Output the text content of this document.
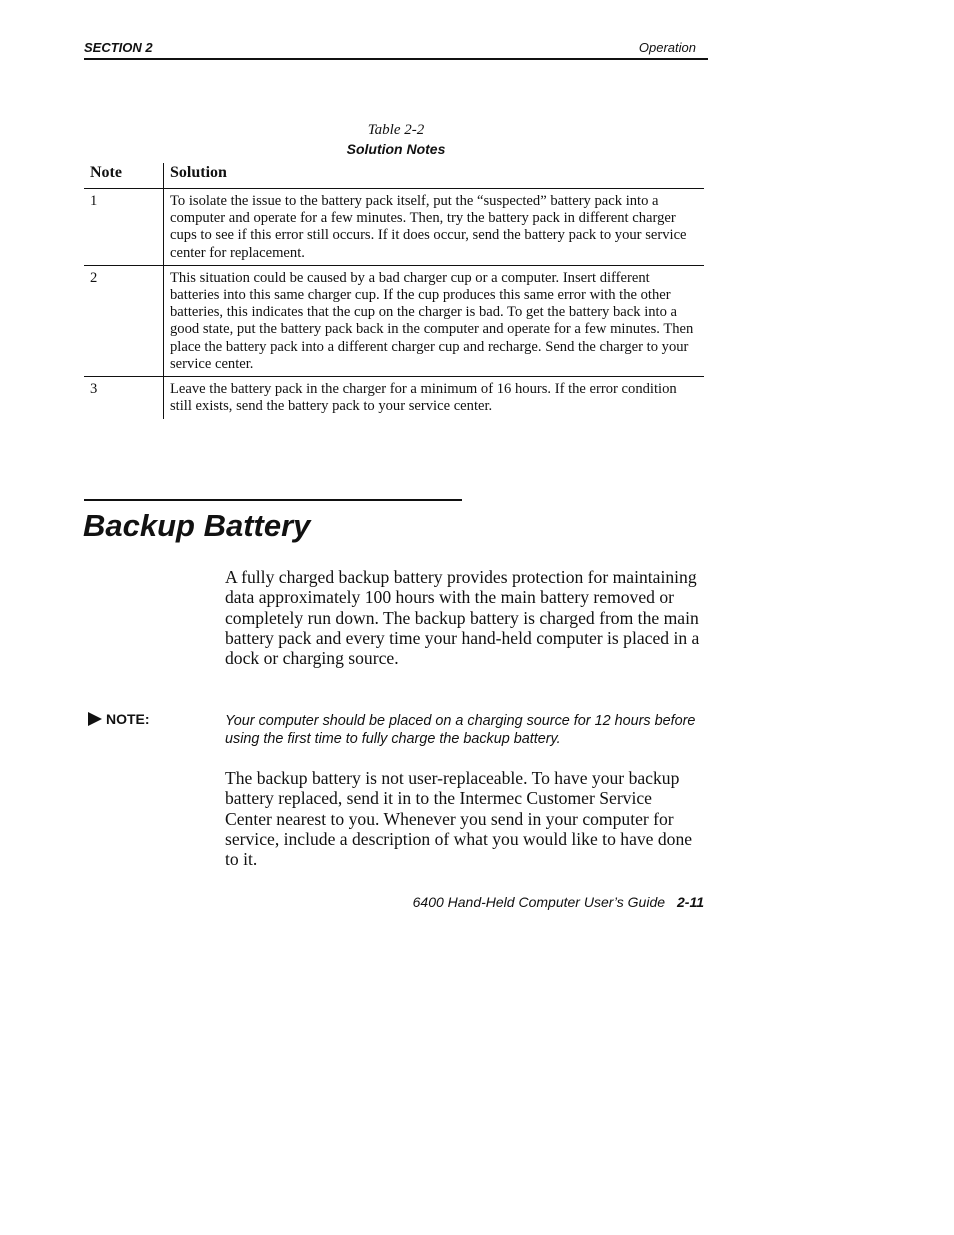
SECTION 2	Operation
Table 2-2
Solution Notes
Note	Solution
1	To isolate the issue to the battery pack itself, put the “suspected” battery pack into a computer and operate for a few minutes. Then, try the battery pack in different charger cups to see if this error still occurs. If it does occur, send the battery pack to your service center for replacement.
2	This situation could be caused by a bad charger cup or a computer. Insert different batteries into this same charger cup. If the cup produces this same error with the other batteries, this indicates that the cup on the charger is bad. To get the battery back into a good state, put the battery pack back in the computer and operate for a few minutes. Then place the battery pack into a different charger cup and recharge. Send the charger to your service center.
3	Leave the battery pack in the charger for a minimum of 16 hours. If the error condition still exists, send the battery pack to your service center.
Backup Battery

A fully charged backup battery provides protection for maintaining data approximately 100 hours with the main battery removed or completely run down. The backup battery is charged from the main battery pack and every time your hand-held computer is placed in a dock or charging source.

NOTE:	Your computer should be placed on a charging source for 12 hours before using the first time to fully charge the backup battery.

The backup battery is not user-replaceable. To have your backup battery replaced, send it in to the Intermec Customer Service Center nearest to you. Whenever you send in your computer for service, include a description of what you would like to have done to it.

6400 Hand-Held Computer User’s Guide 2-11
